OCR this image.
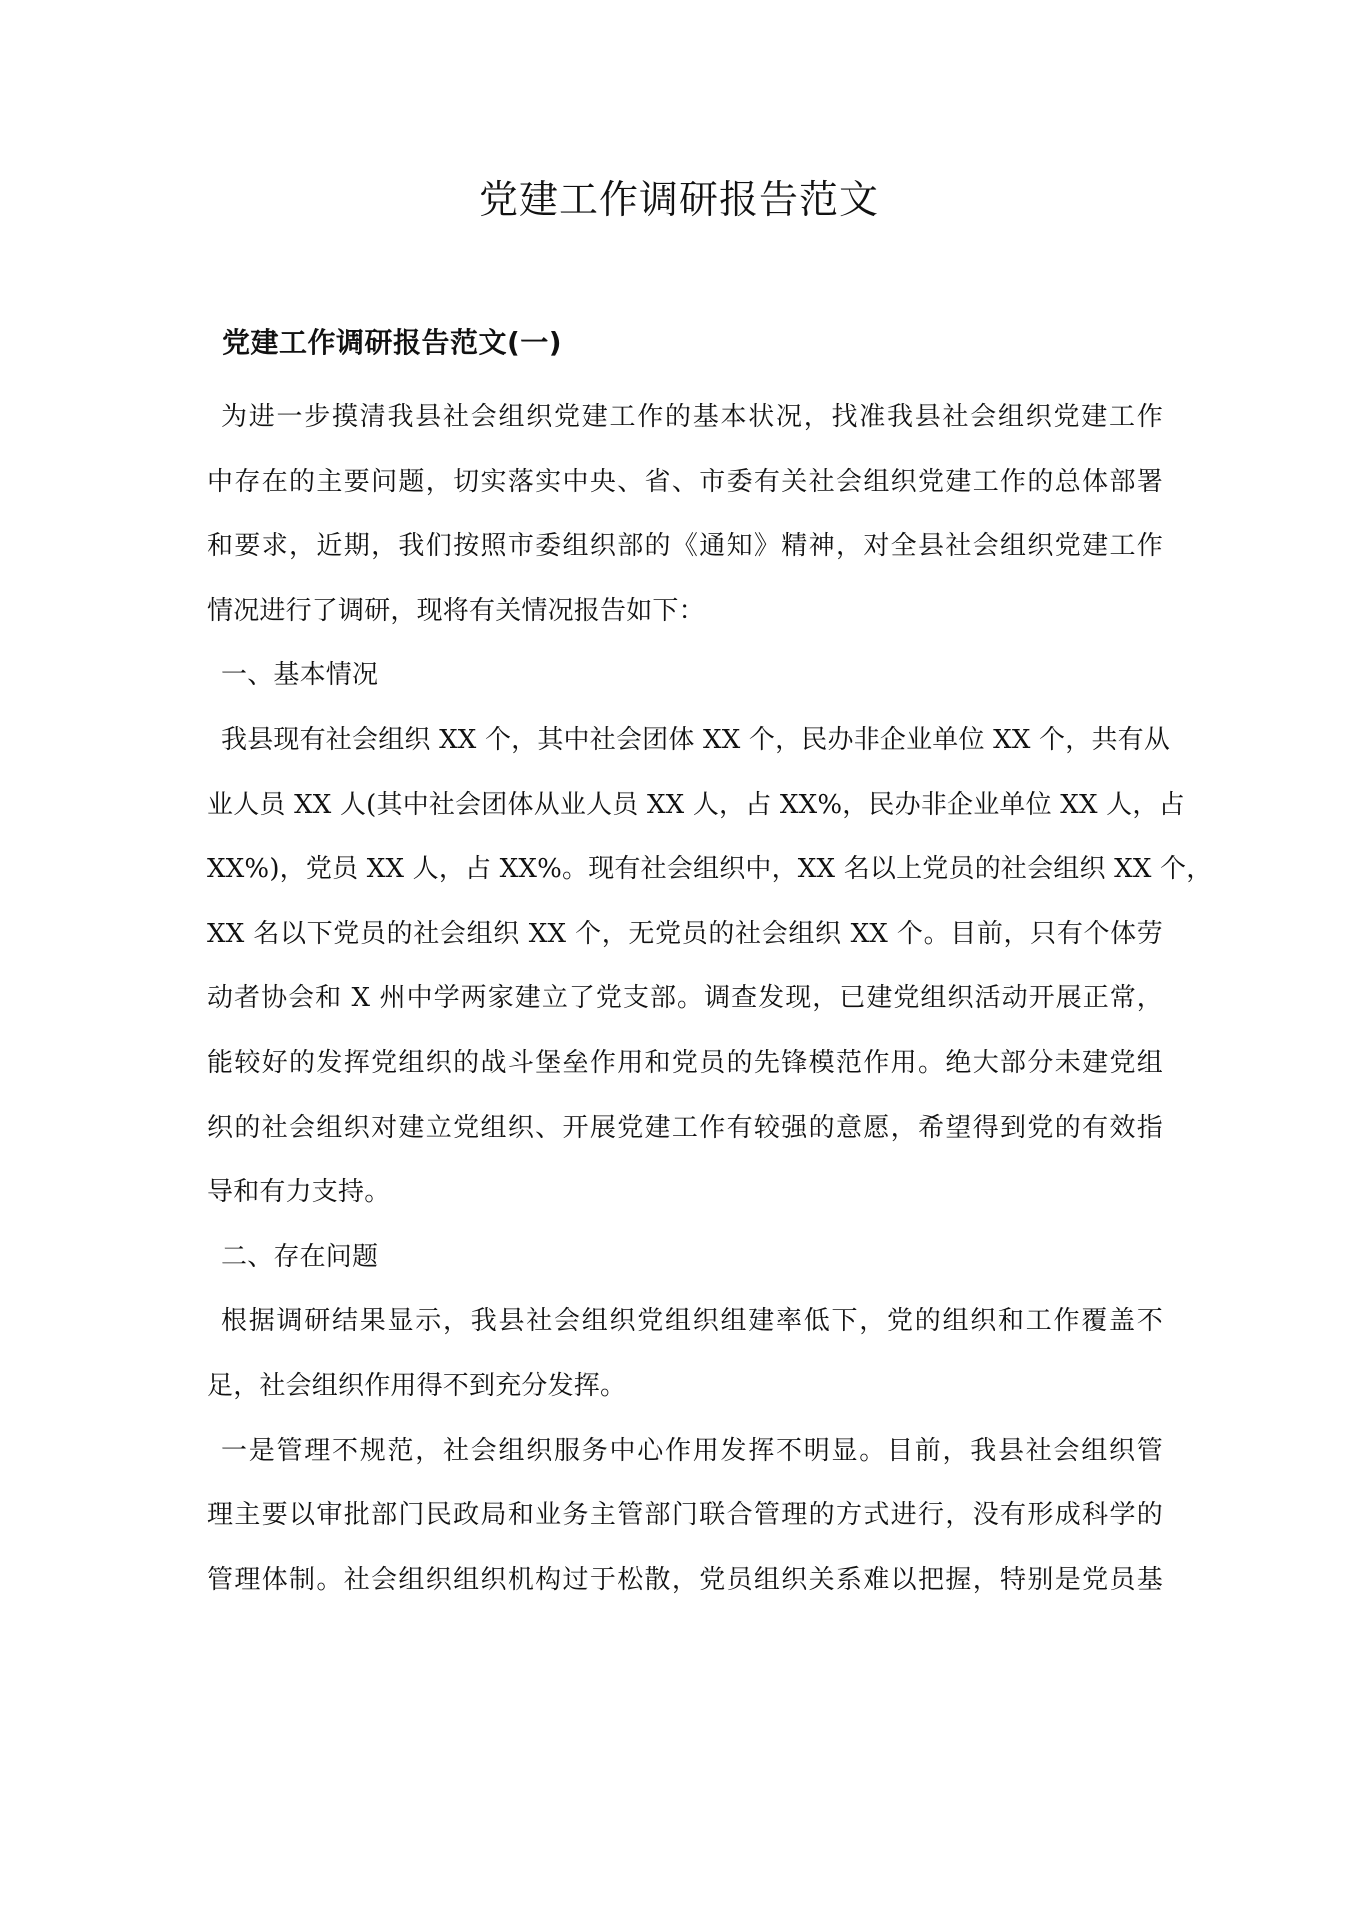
党建工作调研报告范文
党建工作调研报告范文(一)
为进一步摸清我县社会组织党建工作的基本状况，找准我县社会组织党建工作
中存在的主要问题，切实落实中央、省、市委有关社会组织党建工作的总体部署
和要求，近期，我们按照市委组织部的《通知》精神，对全县社会组织党建工作
情况进行了调研，现将有关情况报告如下：
一、基本情况
我县现有社会组织 XX 个，其中社会团体 XX 个，民办非企业单位 XX 个，共有从
业人员 XX 人(其中社会团体从业人员 XX 人，占 XX%，民办非企业单位 XX 人，占
XX%)，党员 XX 人，占 XX%。现有社会组织中，XX 名以上党员的社会组织 XX 个，
XX 名以下党员的社会组织 XX 个，无党员的社会组织 XX 个。目前，只有个体劳
动者协会和 X 州中学两家建立了党支部。调查发现，已建党组织活动开展正常，
能较好的发挥党组织的战斗堡垒作用和党员的先锋模范作用。绝大部分未建党组
织的社会组织对建立党组织、开展党建工作有较强的意愿，希望得到党的有效指
导和有力支持。
二、存在问题
根据调研结果显示，我县社会组织党组织组建率低下，党的组织和工作覆盖不
足，社会组织作用得不到充分发挥。
一是管理不规范，社会组织服务中心作用发挥不明显。目前，我县社会组织管
理主要以审批部门民政局和业务主管部门联合管理的方式进行，没有形成科学的
管理体制。社会组织组织机构过于松散，党员组织关系难以把握，特别是党员基
